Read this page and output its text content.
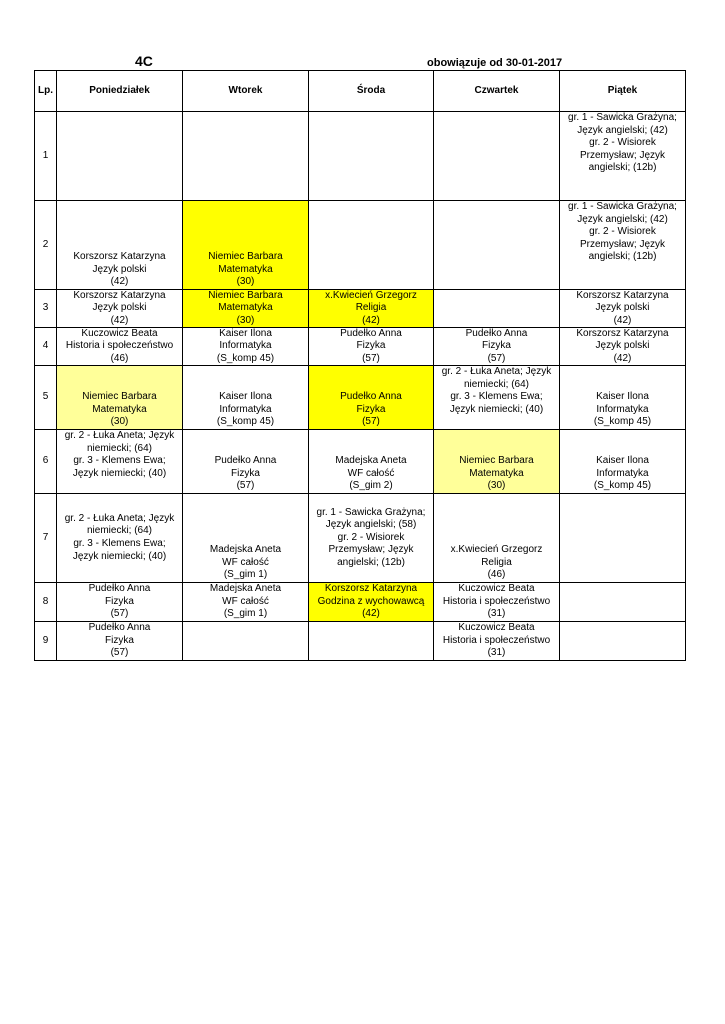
4C	obowiązuje od 30-01-2017
Lp.	Poniedziałek	Wtorek	Środa	Czwartek	Piątek
1					gr. 1 - Sawicka Grażyna;
Język angielski; (42)
gr. 2 - Wisiorek
Przemysław; Język
angielski; (12b)

2	Korszorsz Katarzyna
Język polski
(42)	Niemiec Barbara
Matematyka
(30)			gr. 1 - Sawicka Grażyna;
Język angielski; (42)
gr. 2 - Wisiorek
Przemysław; Język
angielski; (12b)

3	Korszorsz Katarzyna
Język polski
(42)	Niemiec Barbara
Matematyka
(30)	x.Kwiecień Grzegorz
Religia
(42)		Korszorsz Katarzyna
Język polski
(42)

4	Kuczowicz Beata
Historia i społeczeństwo
(46)	Kaiser Ilona
Informatyka
(S_komp 45)	Pudełko Anna
Fizyka
(57)	Pudełko Anna
Fizyka
(57)	Korszorsz Katarzyna
Język polski
(42)

5	Niemiec Barbara
Matematyka
(30)	Kaiser Ilona
Informatyka
(S_komp 45)	Pudełko Anna
Fizyka
(57)	gr. 2 - Łuka Aneta; Język
niemiecki; (64)
gr. 3 - Klemens Ewa;
Język niemiecki; (40)	Kaiser Ilona
Informatyka
(S_komp 45)

6	gr. 2 - Łuka Aneta; Język
niemiecki; (64)
gr. 3 - Klemens Ewa;
Język niemiecki; (40)	Pudełko Anna
Fizyka
(57)	Madejska Aneta
WF całość
(S_gim 2)	Niemiec Barbara
Matematyka
(30)	Kaiser Ilona
Informatyka
(S_komp 45)

7	gr. 2 - Łuka Aneta; Język
niemiecki; (64)
gr. 3 - Klemens Ewa;
Język niemiecki; (40)	Madejska Aneta
WF całość
(S_gim 1)	gr. 1 - Sawicka Grażyna;
Język angielski; (58)
gr. 2 - Wisiorek
Przemysław; Język
angielski; (12b)	x.Kwiecień Grzegorz
Religia
(46)	

8	Pudełko Anna
Fizyka
(57)	Madejska Aneta
WF całość
(S_gim 1)	Korszorsz Katarzyna
Godzina z wychowawcą
(42)	Kuczowicz Beata
Historia i społeczeństwo
(31)	

9	Pudełko Anna
Fizyka
(57)			Kuczowicz Beata
Historia i społeczeństwo
(31)	
